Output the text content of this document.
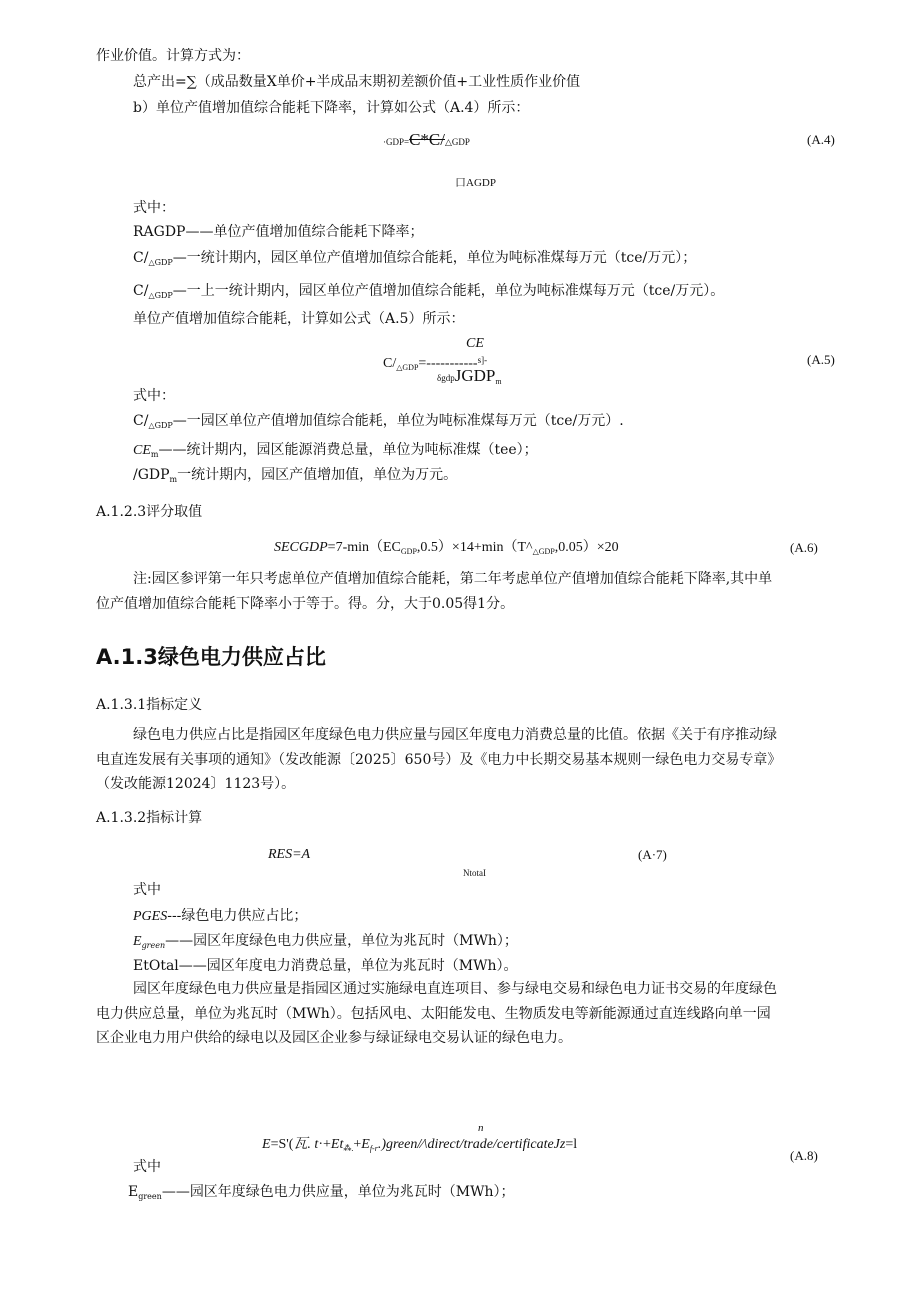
作业价值。计算方式为：
总产出=∑（成品数量X单价+半成品末期初差额价值+工业性质作业价值
b）单位产值增加值综合能耗下降率，计算如公式（A.4）所示：
·GDP=C*C/△GDP	(A.4)
口AGDP
式中：
RAGDP——单位产值增加值综合能耗下降率；
$C/_{\triangle GDP}—$一统计期内，园区单位产值增加值综合能耗，单位为吨标准煤每万元（tce/万元）；
$C/_{\triangle GDP}—$一上一统计期内，园区单位产值增加值综合能耗，单位为吨标准煤每万元（tce/万元）。
单位产值增加值综合能耗，计算如公式（A.5）所示：
CE
$C/_{\triangle GDP}=-----------^{s]-}$
δgdpJGDP$_m$
(A.5)
式中：
$C/_{\triangle GDP}—$一园区单位产值增加值综合能耗，单位为吨标准煤每万元（tce/万元）.
$CE_m——$统计期内，园区能源消费总量，单位为吨标准煤（tee）；
$/GDP_m$一统计期内，园区产值增加值，单位为万元。
A.1.2.3评分取值
$SECGDP=7-\min(EC_{GDP},0.5)\times 14+\min(T\^{}_{\triangle GDP},0.05)\times 20$	(A.6)
注:园区参评第一年只考虑单位产值增加值综合能耗，第二年考虑单位产值增加值综合能耗下降率,其中单
位产值增加值综合能耗下降率小于等于。得。分，大于0.05得1分。
A.1.3绿色电力供应占比
A.1.3.1指标定义
绿色电力供应占比是指园区年度绿色电力供应量与园区年度电力消费总量的比值。依据《关于有序推动绿
电直连发展有关事项的通知》（发改能源〔2025〕650号）及《电力中长期交易基本规则一绿色电力交易专章》
（发改能源12024〕1123号）。
A.1.3.2指标计算
RES=A
NtotaI
(A·7)
式中
PGES---绿色电力供应占比；
$E_{green}——$园区年度绿色电力供应量，单位为兆瓦时（MWh）；
EtOtal——园区年度电力消费总量，单位为兆瓦时（MWh）。
园区年度绿色电力供应量是指园区通过实施绿电直连项目、参与绿电交易和绿色电力证书交易的年度绿色
电力供应总量，单位为兆瓦时（MWh）。包括风电、太阳能发电、生物质发电等新能源通过直连线路向单一园
区企业电力用户供给的绿电以及园区企业参与绿证绿电交易认证的绿色电力。
n
E=S'(瓦. $t\cdot+Et_{⁂.}+E_{f-r}.)green/⁄\backslash direct/trade/certificateJz=l$
(A.8)
式中
$E_{green}——$园区年度绿色电力供应量，单位为兆瓦时（MWh）；
